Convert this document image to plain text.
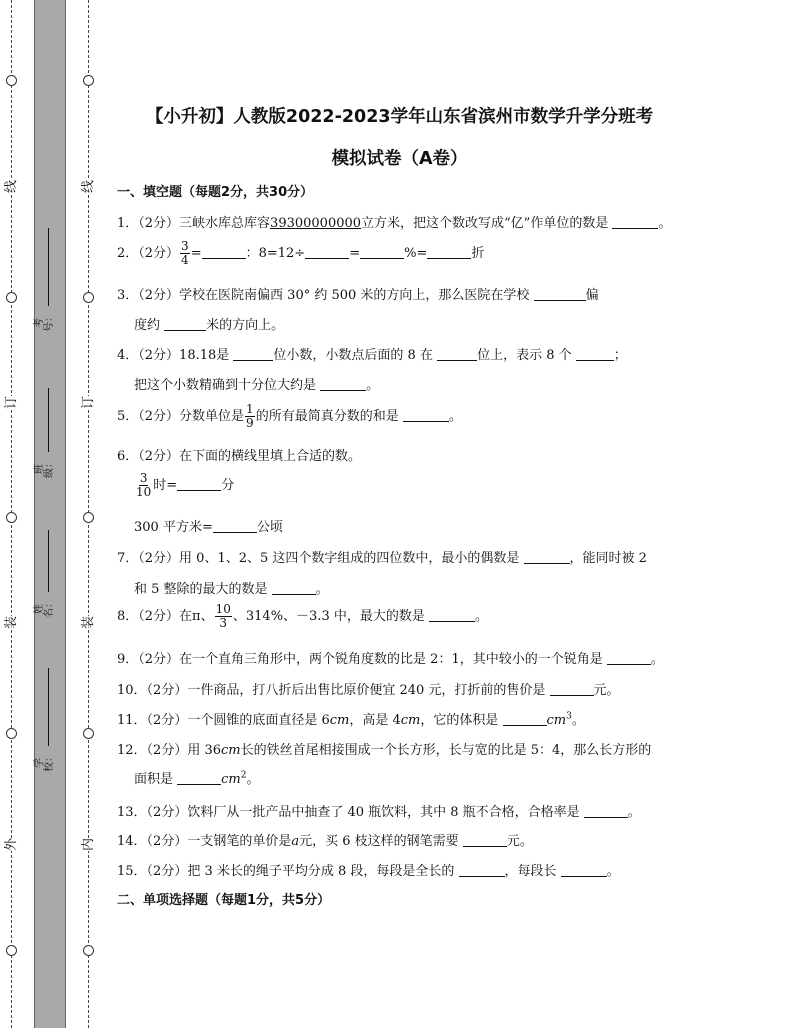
线
订
装
外
线
订
装
内
考号：
班级：
姓名：
学校：
【小升初】人教版2022-2023学年山东省滨州市数学升学分班考
模拟试卷（A卷）
一、填空题（每题2分，共30分）
1．（2分）三峡水库总库容39300000000立方米，把这个数改写成“亿”作单位的数是	。
2．（2分） $\frac{3}{4}$ =	：8=12÷	=	%=	折
3．（2分）学校在医院南偏西 30° 约 500 米的方向上，那么医院在学校	偏
度约	米的方向上。
4．（2分）18.18是	位小数，小数点后面的 8 在	位上，表示 8 个	；
把这个小数精确到十分位大约是	。
5．（2分）分数单位是 $\frac{1}{9}$ 的所有最简真分数的和是	。
6．（2分）在下面的横线里填上合适的数。
$\frac{3}{10}$ 时=	分
300 平方米=	公顷
7．（2分）用 0、1、2、5 这四个数字组成的四位数中，最小的偶数是	，能同时被 2
和 5 整除的最大的数是	。
8．（2分）在π、 $\frac{10}{3}$ 、314%、－3.3 中，最大的数是	。
9．（2分）在一个直角三角形中，两个锐角度数的比是 2：1，其中较小的一个锐角是	。
10．（2分）一件商品，打八折后出售比原价便宜 240 元，打折前的售价是	元。
11．（2分）一个圆锥的底面直径是 6cm，高是 4cm，它的体积是	$cm^3$。
12．（2分）用 36cm长的铁丝首尾相接围成一个长方形，长与宽的比是 5：4，那么长方形的
面积是	$cm^2$。
13．（2分）饮料厂从一批产品中抽查了 40 瓶饮料，其中 8 瓶不合格，合格率是	。
14．（2分）一支钢笔的单价是a元，买 6 枝这样的钢笔需要	元。
15．（2分）把 3 米长的绳子平均分成 8 段，每段是全长的	，每段长	。
二、单项选择题（每题1分，共5分）
